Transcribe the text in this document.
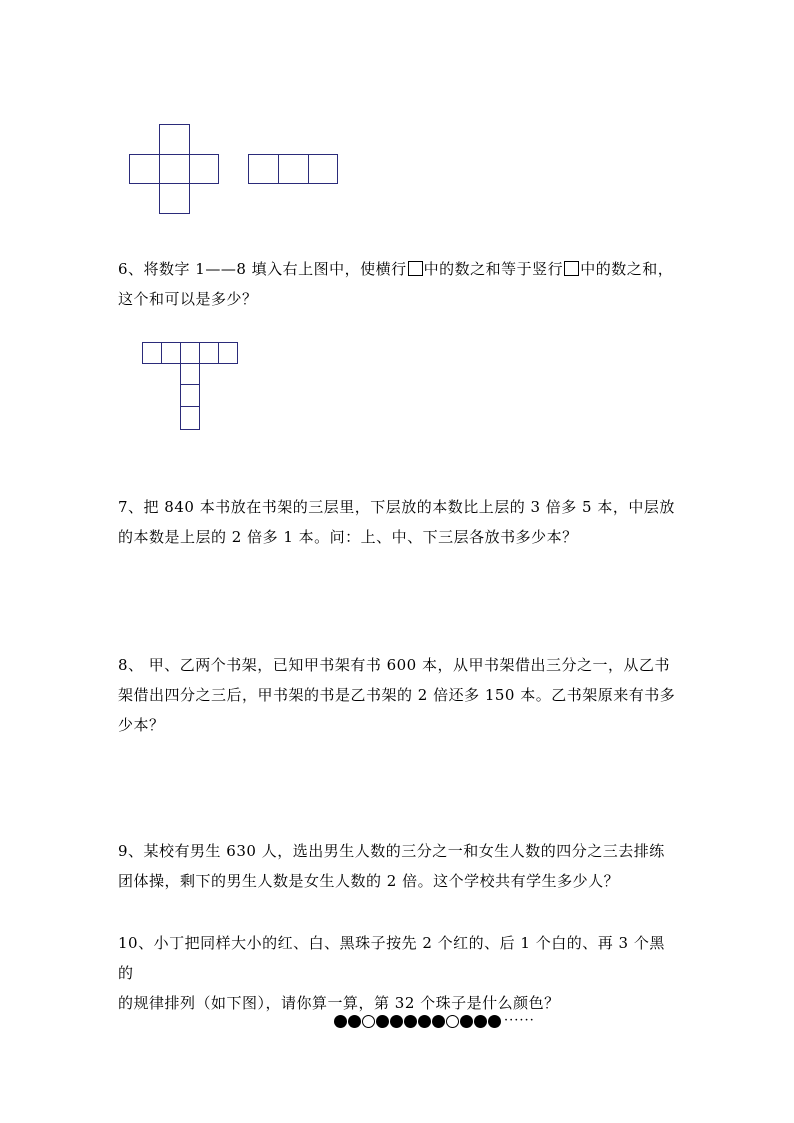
6、将数字 1——8 填入右上图中，使横行 中的数之和等于竖行 中的数之和，

这个和可以是多少？

7、把 840 本书放在书架的三层里，下层放的本数比上层的 3 倍多 5 本，中层放

的本数是上层的 2 倍多 1 本。问：上、中、下三层各放书多少本？

8、 甲、乙两个书架，已知甲书架有书 600 本，从甲书架借出三分之一，从乙书

架借出四分之三后，甲书架的书是乙书架的 2 倍还多 150 本。乙书架原来有书多

少本？

9、某校有男生 630 人，选出男生人数的三分之一和女生人数的四分之三去排练

团体操，剩下的男生人数是女生人数的 2 倍。这个学校共有学生多少人？

10、小丁把同样大小的红、白、黑珠子按先 2 个红的、后 1 个白的、再 3 个黑的

的规律排列（如下图），请你算一算，第 32 个珠子是什么颜色？

······
